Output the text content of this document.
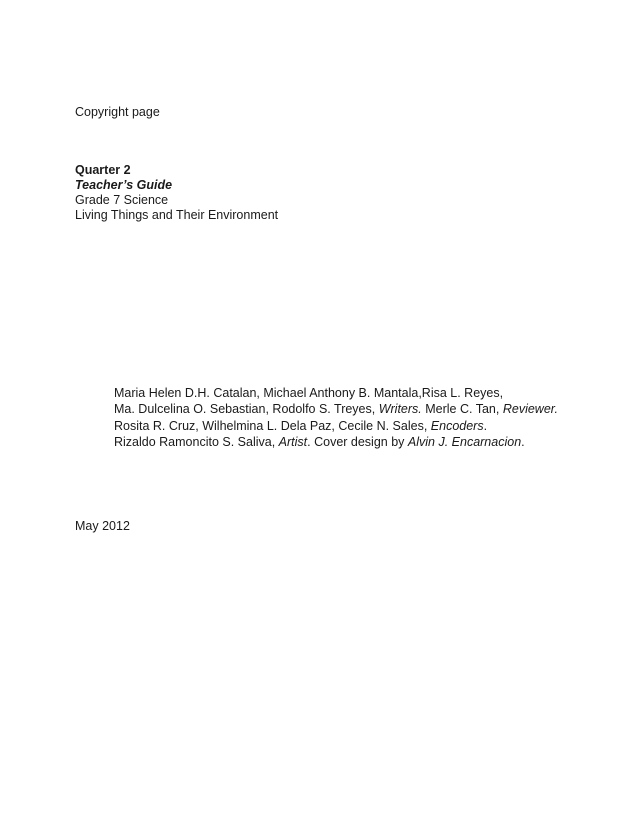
Copyright page
Quarter 2
Teacher’s Guide
Grade 7 Science
Living Things and Their Environment
Maria Helen D.H. Catalan, Michael Anthony B. Mantala,Risa L. Reyes,
Ma. Dulcelina O. Sebastian, Rodolfo S. Treyes, Writers. Merle C. Tan, Reviewer.
Rosita R. Cruz, Wilhelmina L. Dela Paz, Cecile N. Sales, Encoders.
Rizaldo Ramoncito S. Saliva, Artist. Cover design by Alvin J. Encarnacion.
May 2012
